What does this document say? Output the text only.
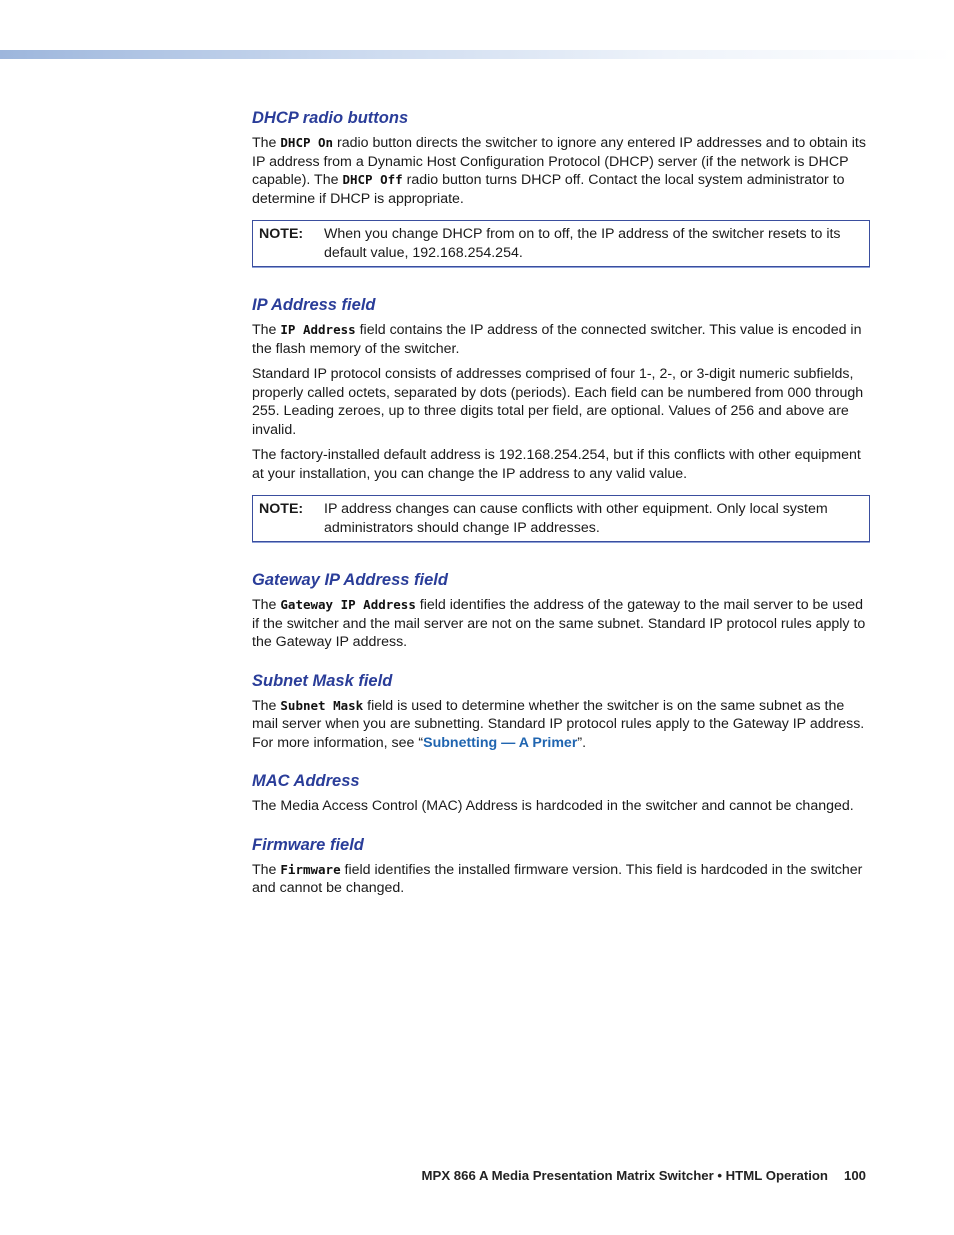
DHCP radio buttons

The DHCP On radio button directs the switcher to ignore any entered IP addresses and to obtain its IP address from a Dynamic Host Configuration Protocol (DHCP) server (if the network is DHCP capable). The DHCP Off radio button turns DHCP off. Contact the local system administrator to determine if DHCP is appropriate.

NOTE:	When you change DHCP from on to off, the IP address of the switcher resets to its default value, 192.168.254.254.
IP Address field

The IP Address field contains the IP address of the connected switcher. This value is encoded in the flash memory of the switcher.

Standard IP protocol consists of addresses comprised of four 1-, 2-, or 3-digit numeric subfields, properly called octets, separated by dots (periods). Each field can be numbered from 000 through 255. Leading zeroes, up to three digits total per field, are optional. Values of 256 and above are invalid.

The factory-installed default address is 192.168.254.254, but if this conflicts with other equipment at your installation, you can change the IP address to any valid value.

NOTE:	IP address changes can cause conflicts with other equipment. Only local system administrators should change IP addresses.
Gateway IP Address field

The Gateway IP Address field identifies the address of the gateway to the mail server to be used if the switcher and the mail server are not on the same subnet. Standard IP protocol rules apply to the Gateway IP address.

Subnet Mask field

The Subnet Mask field is used to determine whether the switcher is on the same subnet as the mail server when you are subnetting. Standard IP protocol rules apply to the Gateway IP address. For more information, see “Subnetting — A Primer”.

MAC Address

The Media Access Control (MAC) Address is hardcoded in the switcher and cannot be changed.

Firmware field

The Firmware field identifies the installed firmware version. This field is hardcoded in the switcher and cannot be changed.

MPX 866 A Media Presentation Matrix Switcher • HTML Operation 100
